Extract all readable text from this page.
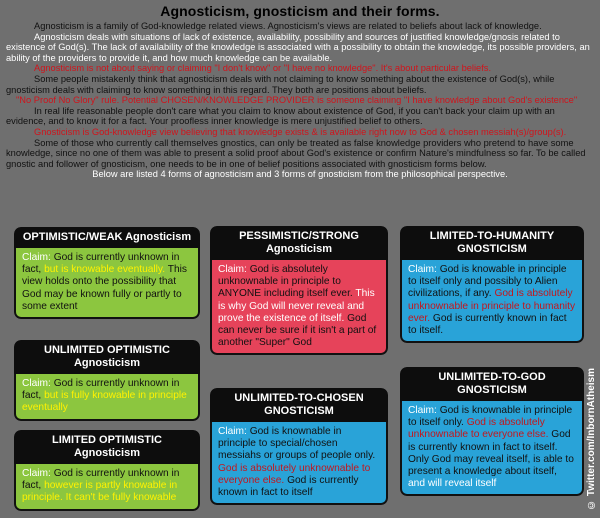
Agnosticism, gnosticism and their forms.

Agnosticism is a family of God-knowledge related views. Agnosticism's views are related to beliefs about lack of knowledge.

Agnosticism deals with situations of lack of existence, availability, possibility and sources of justified knowledge/gnosis related to existence of God(s). The lack of availability of the knowledge is associated with a possibility to obtain the knowledge, its possible providers, an ability of the providers to provide it, and how much knowledge can be available.

Agnosticism is not about saying or claiming "I don't know" or "I have no knowledge". It's about particular beliefs.

Some people mistakenly think that agnosticism deals with not claiming to know something about the existence of God(s), while gnosticism deals with claiming to know something in this regard. They both are positions about beliefs.

"No Proof No Glory" rule. Potential CHOSEN/KNOWLEDGE PROVIDER is someone claiming "I have knowledge about God's existence"

In real life reasonable people don't care what you claim to know about existence of God, if you can't back your claim up with an evidence, and to know it for a fact. Your proofless inner knowledge is mere unjustified belief to others.

Gnosticism is God-knowledge view believing that knowledge exists & is available right now to God & chosen messiah(s)/group(s).

Some of those who currently call themselves gnostics, can only be treated as false knowledge providers who pretend to have some knowledge, since no one of them was able to present a solid proof about God's existence or confirm Nature's mindfulness so far. To be called gnostic and follower of gnosticism, one needs to be in one of belief positions associated with gnosticism forms below.

Below are listed 4 forms of agnosticism and 3 forms of gnosticism from the philosophical perspective.

OPTIMISTIC/WEAK Agnosticism
Claim: God is currently unknown in fact, but is knowable eventually. This view holds onto the possibility that God may be known fully or partly to some extent
UNLIMITED OPTIMISTIC Agnosticism
Claim: God is currently unknown in fact, but is fully knowable in principle eventually
LIMITED OPTIMISTIC Agnosticism
Claim: God is currently unknown in fact, however is partly knowable in principle. It can't be fully knowable
PESSIMISTIC/STRONG Agnosticism
Claim: God is absolutely unknownable in principle to ANYONE including itself ever. This is why God will never reveal and prove the existence of itself. God can never be sure if it isn't a part of another "Super" God
UNLIMITED-TO-CHOSEN GNOSTICISM
Claim: God is knownable in principle to special/chosen messiahs or groups of people only. God is absolutely unknownable to everyone else. God is currently known in fact to itself
LIMITED-TO-HUMANITY GNOSTICISM
Claim: God is knowable in principle to itself only and possibly to Alien civilizations, if any. God is absolutely unknownable in principle to humanity ever. God is currently known in fact to itself.
UNLIMITED-TO-GOD GNOSTICISM
Claim: God is knownable in principle to itself only. God is absolutely unknownable to everyone else. God is currently known in fact to itself. Only God may reveal itself, is able to present a knowledge about itself, and will reveal itself	© Twitter.com/InbornAtheism
